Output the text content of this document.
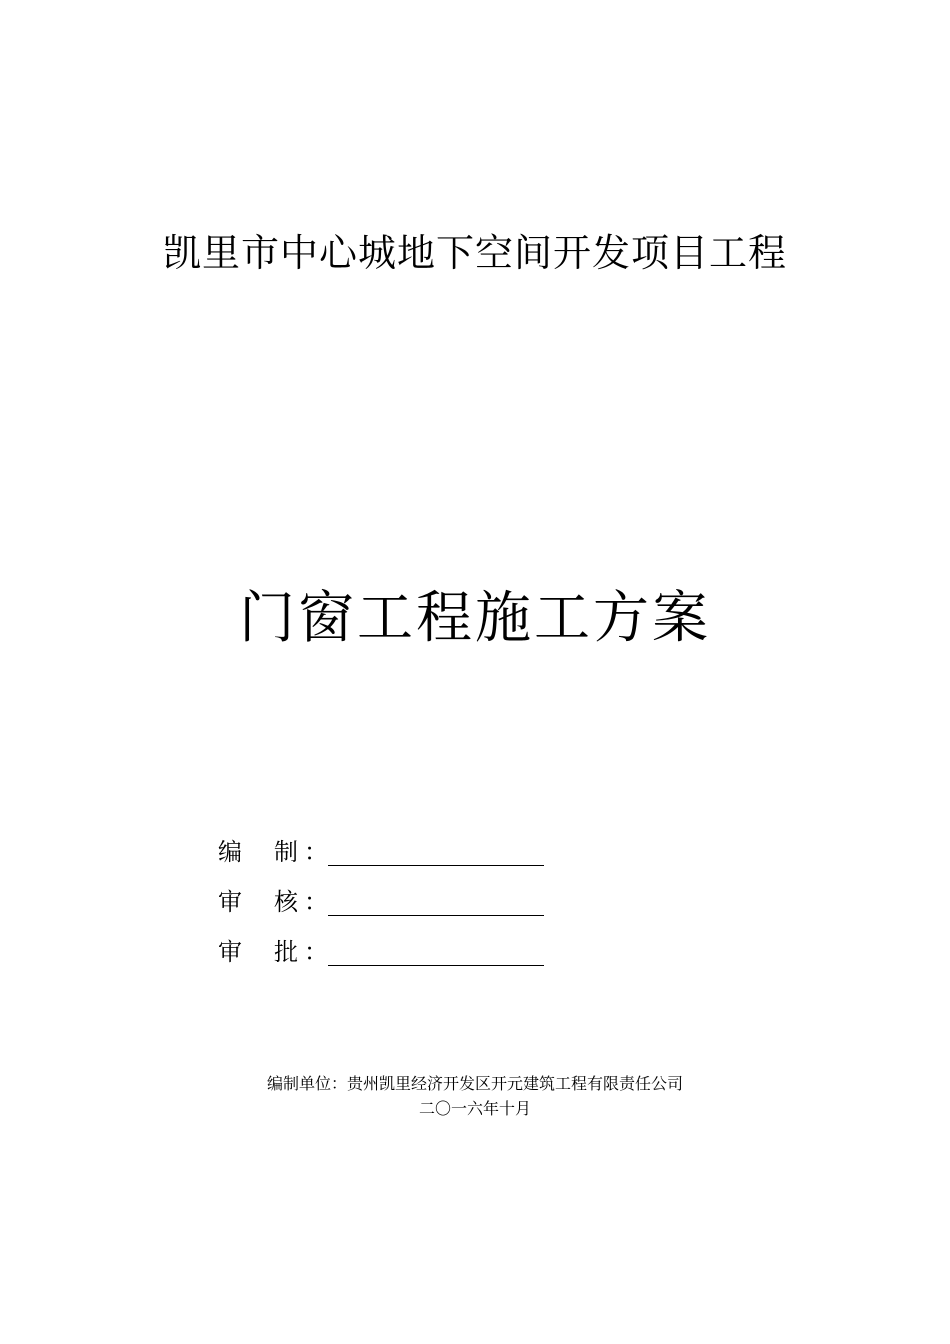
凯里市中心城地下空间开发项目工程
门窗工程施工方案
编	制 ：
审	核 ：
审	批 ：
编制单位：贵州凯里经济开发区开元建筑工程有限责任公司
二〇一六年十月
